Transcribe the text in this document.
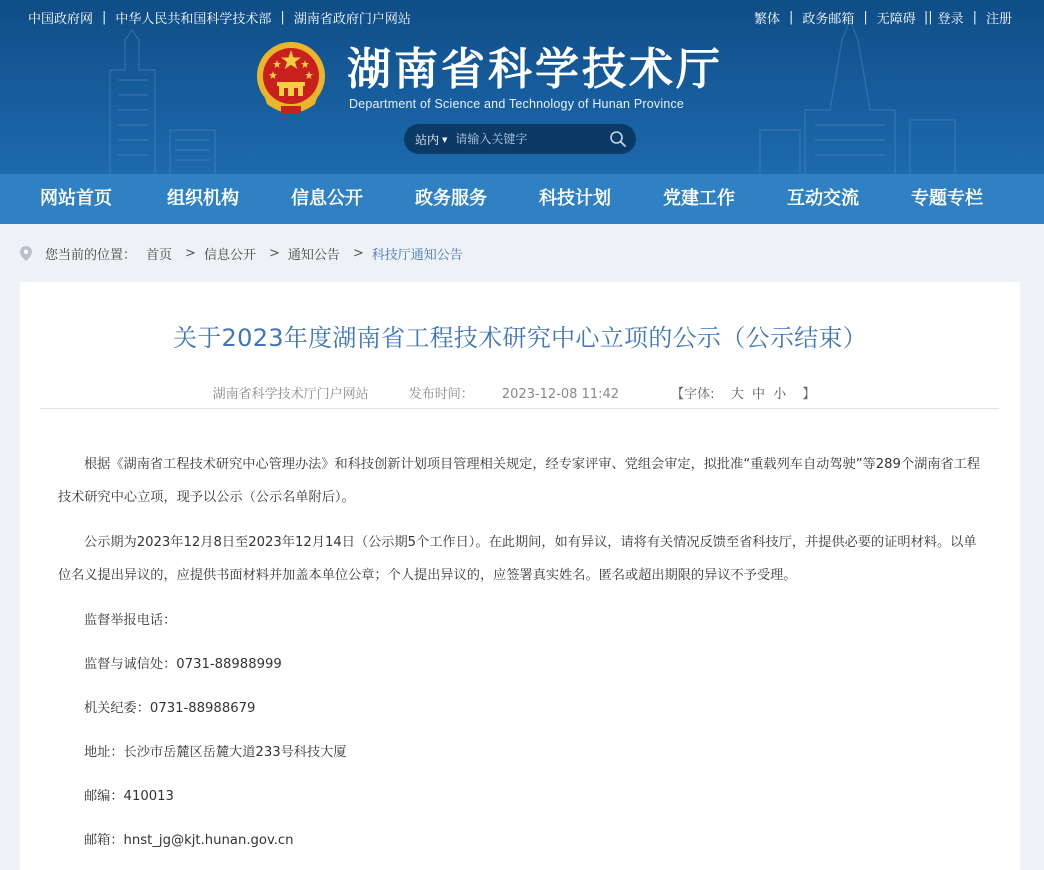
中国政府网 | 中华人民共和国科学技术部 | 湖南省政府门户网站	繁体 | 政务邮箱 | 无障碍 || 登录 | 注册
湖南省科学技术厅
Department of Science and Technology of Hunan Province
站内 ▼
请输入关键字
网站首页	组织机构	信息公开	政务服务	科技计划	党建工作	互动交流	专题专栏
您当前的位置： 首页 > 信息公开 > 通知公告 > 科技厅通知公告
关于2023年度湖南省工程技术研究中心立项的公示（公示结束）
湖南省科学技术厅门户网站	发布时间： 2023-12-08 11:42	【字体: 大 中 小 】

根据《湖南省工程技术研究中心管理办法》和科技创新计划项目管理相关规定，经专家评审、党组会审定，拟批准“重载列车自动驾驶”等289个湖南省工程技术研究中心立项，现予以公示（公示名单附后）。

公示期为2023年12月8日至2023年12月14日（公示期5个工作日）。在此期间，如有异议，请将有关情况反馈至省科技厅，并提供必要的证明材料。以单位名义提出异议的，应提供书面材料并加盖本单位公章；个人提出异议的，应签署真实姓名。匿名或超出期限的异议不予受理。

监督举报电话：

监督与诚信处：0731-88988999

机关纪委：0731-88988679

地址：长沙市岳麓区岳麓大道233号科技大厦

邮编：410013

邮箱：hnst_jg@kjt.hunan.gov.cn
